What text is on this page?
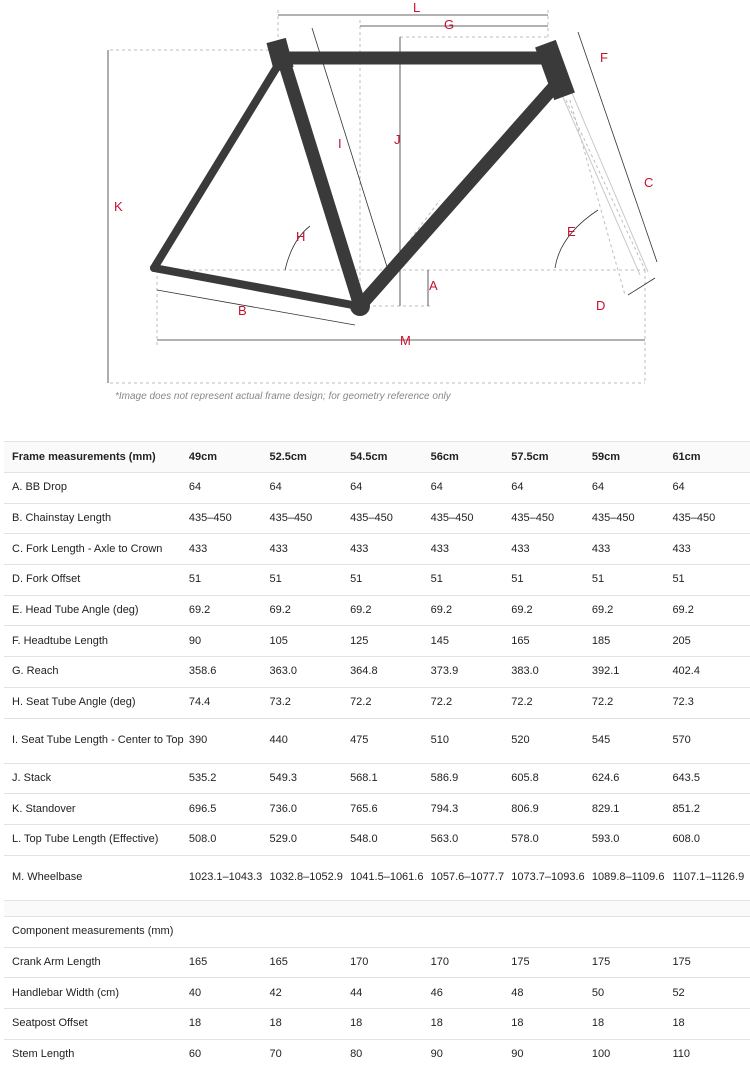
L
G
F
I	J
K
C
E
H
A
B	D
M
*Image does not represent actual frame design; for geometry reference only
Frame measurements (mm)	49cm	52.5cm	54.5cm	56cm	57.5cm	59cm	61cm
A. BB Drop	64	64	64	64	64	64	64
B. Chainstay Length	435–450	435–450	435–450	435–450	435–450	435–450	435–450
C. Fork Length - Axle to Crown	433	433	433	433	433	433	433
D. Fork Offset	51	51	51	51	51	51	51
E. Head Tube Angle (deg)	69.2	69.2	69.2	69.2	69.2	69.2	69.2
F. Headtube Length	90	105	125	145	165	185	205
G. Reach	358.6	363.0	364.8	373.9	383.0	392.1	402.4
H. Seat Tube Angle (deg)	74.4	73.2	72.2	72.2	72.2	72.2	72.3
I. Seat Tube Length - Center to Top	390	440	475	510	520	545	570
J. Stack	535.2	549.3	568.1	586.9	605.8	624.6	643.5
K. Standover	696.5	736.0	765.6	794.3	806.9	829.1	851.2
L. Top Tube Length (Effective)	508.0	529.0	548.0	563.0	578.0	593.0	608.0
M. Wheelbase	1023.1–1043.3	1032.8–1052.9	1041.5–1061.6	1057.6–1077.7	1073.7–1093.6	1089.8–1109.6	1107.1–1126.9

Component measurements (mm)							
Crank Arm Length	165	165	170	170	175	175	175
Handlebar Width (cm)	40	42	44	46	48	50	52
Seatpost Offset	18	18	18	18	18	18	18
Stem Length	60	70	80	90	90	100	110
